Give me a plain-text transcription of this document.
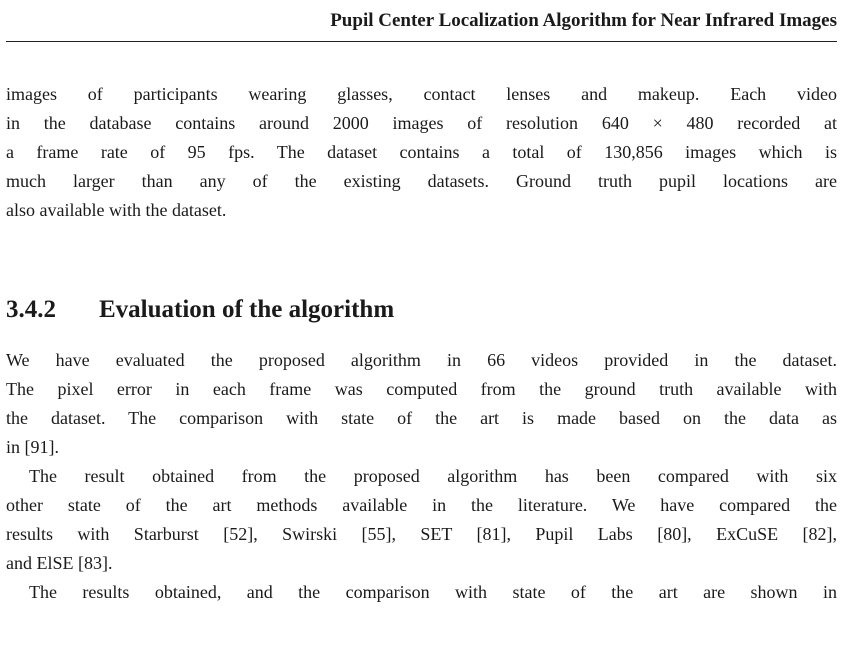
Pupil Center Localization Algorithm for Near Infrared Images
images of participants wearing glasses, contact lenses and makeup. Each video
in the database contains around 2000 images of resolution 640 × 480 recorded at
a frame rate of 95 fps. The dataset contains a total of 130,856 images which is
much larger than any of the existing datasets. Ground truth pupil locations are
also available with the dataset.
3.4.2 Evaluation of the algorithm
We have evaluated the proposed algorithm in 66 videos provided in the dataset.
The pixel error in each frame was computed from the ground truth available with
the dataset. The comparison with state of the art is made based on the data as
in [91].
The result obtained from the proposed algorithm has been compared with six
other state of the art methods available in the literature. We have compared the
results with Starburst [52], Swirski [55], SET [81], Pupil Labs [80], ExCuSE [82],
and ElSE [83].
The results obtained, and the comparison with state of the art are shown in
